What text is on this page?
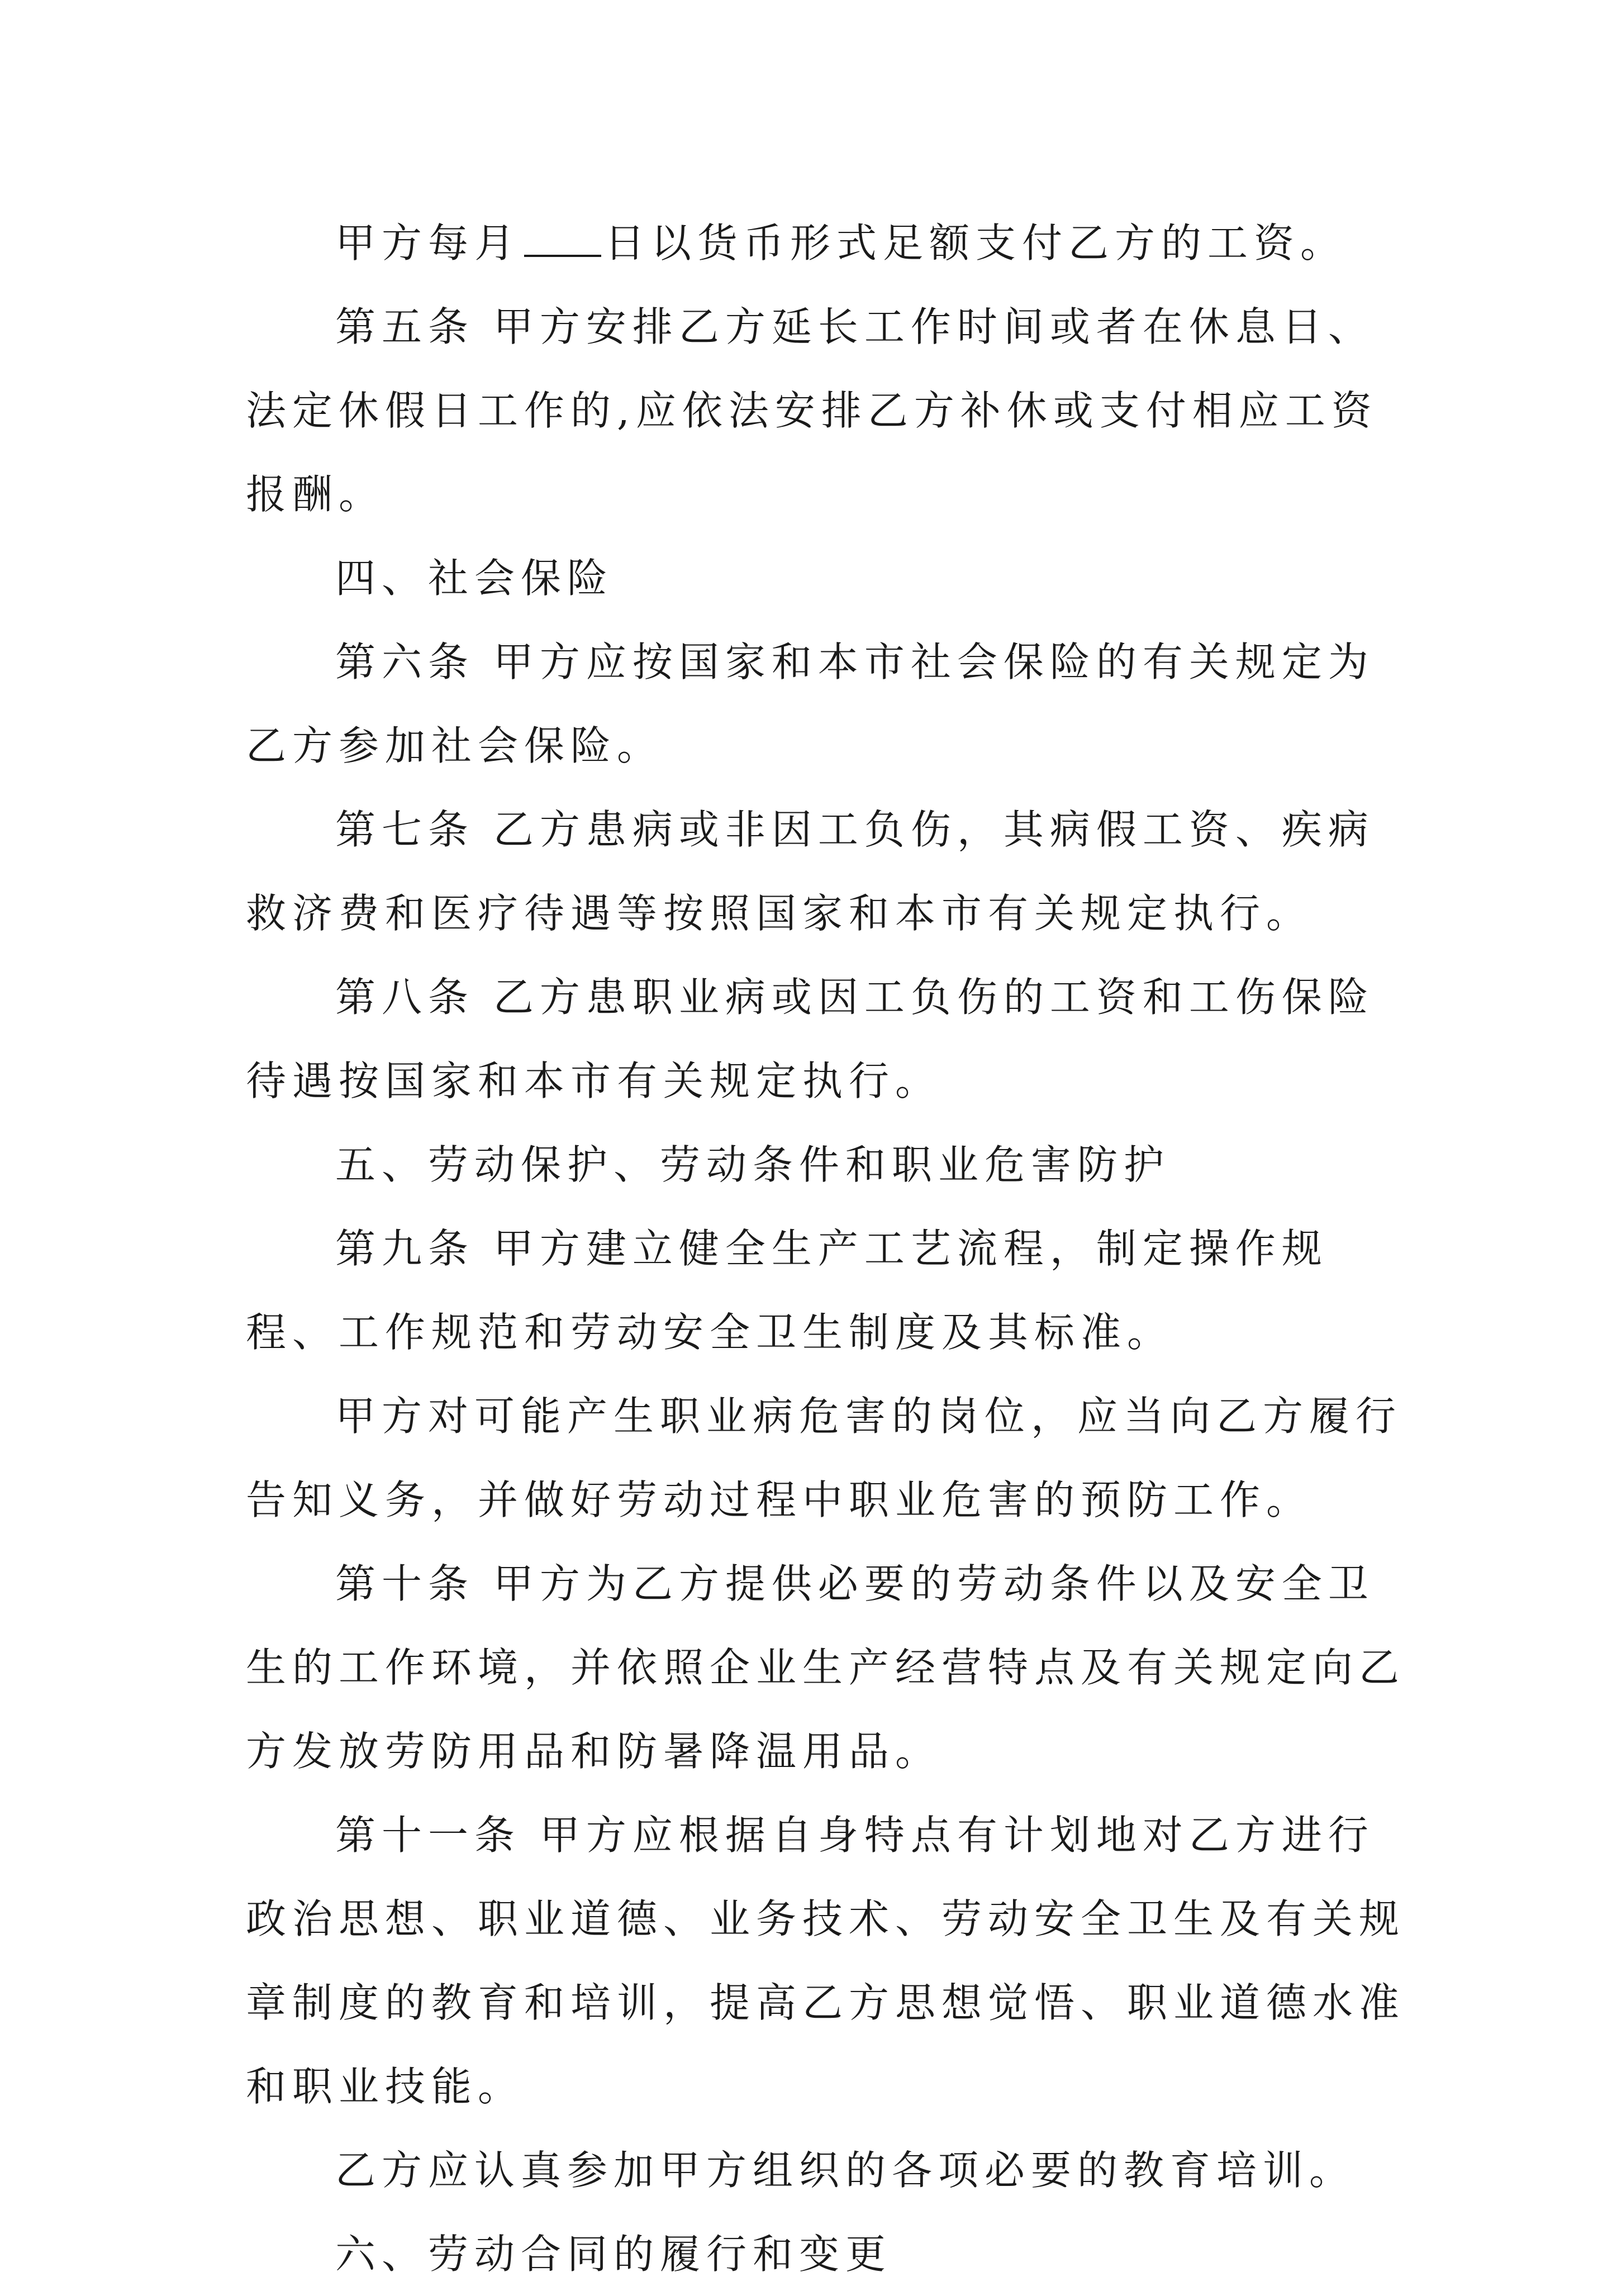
甲方每月 日以货币形式足额支付乙方的工资。

第五条 甲方安排乙方延长工作时间或者在休息日、法定休假日工作的,应依法安排乙方补休或支付相应工资报酬。

四、社会保险

第六条 甲方应按国家和本市社会保险的有关规定为乙方参加社会保险。

第七条 乙方患病或非因工负伤，其病假工资、疾病救济费和医疗待遇等按照国家和本市有关规定执行。

第八条 乙方患职业病或因工负伤的工资和工伤保险待遇按国家和本市有关规定执行。

五、劳动保护、劳动条件和职业危害防护

第九条 甲方建立健全生产工艺流程，制定操作规程、工作规范和劳动安全卫生制度及其标准。

甲方对可能产生职业病危害的岗位，应当向乙方履行告知义务，并做好劳动过程中职业危害的预防工作。

第十条 甲方为乙方提供必要的劳动条件以及安全卫生的工作环境，并依照企业生产经营特点及有关规定向乙方发放劳防用品和防暑降温用品。

第十一条 甲方应根据自身特点有计划地对乙方进行政治思想、职业道德、业务技术、劳动安全卫生及有关规章制度的教育和培训，提高乙方思想觉悟、职业道德水准和职业技能。

乙方应认真参加甲方组织的各项必要的教育培训。

六、劳动合同的履行和变更
